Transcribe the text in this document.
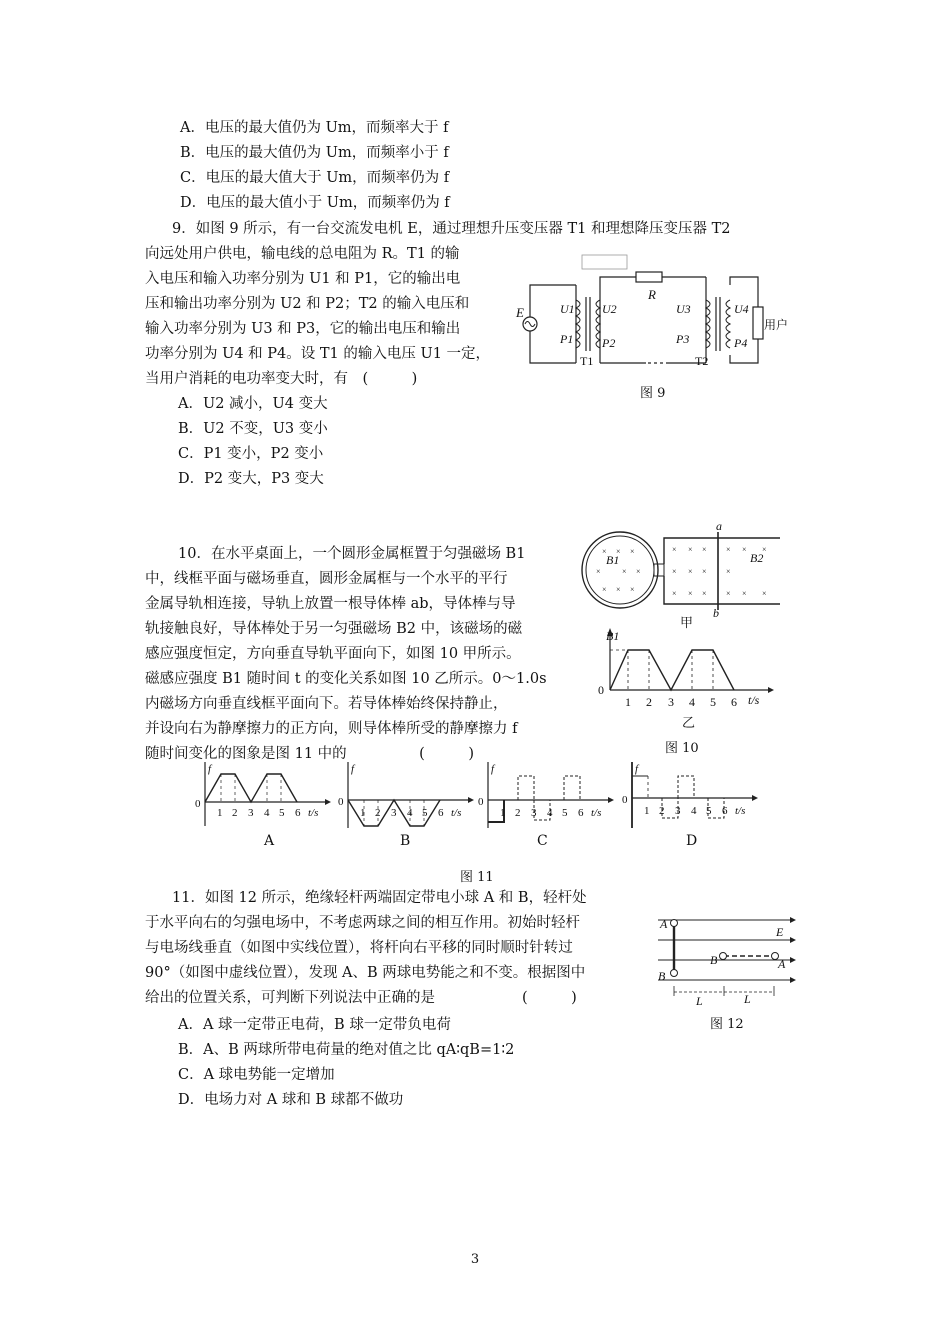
A．电压的最大值仍为 Um，而频率大于 f
B．电压的最大值仍为 Um，而频率小于 f
C．电压的最大值大于 Um，而频率仍为 f
D．电压的最大值小于 Um，而频率仍为 f
9．如图 9 所示，有一台交流发电机 E，通过理想升压变压器 T1 和理想降压变压器 T2
向远处用户供电，输电线的总电阻为 R。T1 的输
入电压和输入功率分别为 U1 和 P1，它的输出电
压和输出功率分别为 U2 和 P2；T2 的输入电压和
输入功率分别为 U3 和 P3，它的输出电压和输出
功率分别为 U4 和 P4。设 T1 的输入电压 U1 一定，
当用户消耗的电功率变大时，有　(　　　)
A．U2 减小，U4 变大
B．U2 不变，U3 变小
C．P1 变小，P2 变小
D．P2 变大，P3 变大
E
R
U1
P1
U2
P2
T1
U3
P3
U4
P4
T2
用户
图 9
10．在水平桌面上，一个圆形金属框置于匀强磁场 B1
中，线框平面与磁场垂直，圆形金属框与一个水平的平行
金属导轨相连接，导轨上放置一根导体棒 ab，导体棒与导
轨接触良好，导体棒处于另一匀强磁场 B2 中，该磁场的磁
感应强度恒定，方向垂直导轨平面向下，如图 10 甲所示。
磁感应强度 B1 随时间 t 的变化关系如图 10 乙所示。0～1.0s
内磁场方向垂直线框平面向下。若导体棒始终保持静止，
并设向右为静摩擦力的正方向，则导体棒所受的静摩擦力 f
随时间变化的图象是图 11 中的　　　　　(　　　)
× × ×
×	× ×
× × ×
B1
× × × × × ×
× × × ×
× × × × × ×
B2
a
b
甲
B1
0
1 2 3 4 5 6 t/s
乙
图 10
f
0
1 2 3 4 5 6 t/s
A
f
0
1 2 3 4 5 6 t/s
B
f
0
1 2 3 4 5 6 t/s
C
f
0
1 2 3 4 5 6 t/s
D
图 11
11．如图 12 所示，绝缘轻杆两端固定带电小球 A 和 B，轻杆处
于水平向右的匀强电场中，不考虑两球之间的相互作用。初始时轻杆
与电场线垂直（如图中实线位置），将杆向右平移的同时顺时针转过
90°（如图中虚线位置），发现 A、B 两球电势能之和不变。根据图中
给出的位置关系，可判断下列说法中正确的是　　　　　　(　　　)
A．A 球一定带正电荷，B 球一定带负电荷
B．A、B 两球所带电荷量的绝对值之比 qA∶qB=1∶2
C．A 球电势能一定增加
D．电场力对 A 球和 B 球都不做功
A
B
B	A
E
L	L
图 12
3
